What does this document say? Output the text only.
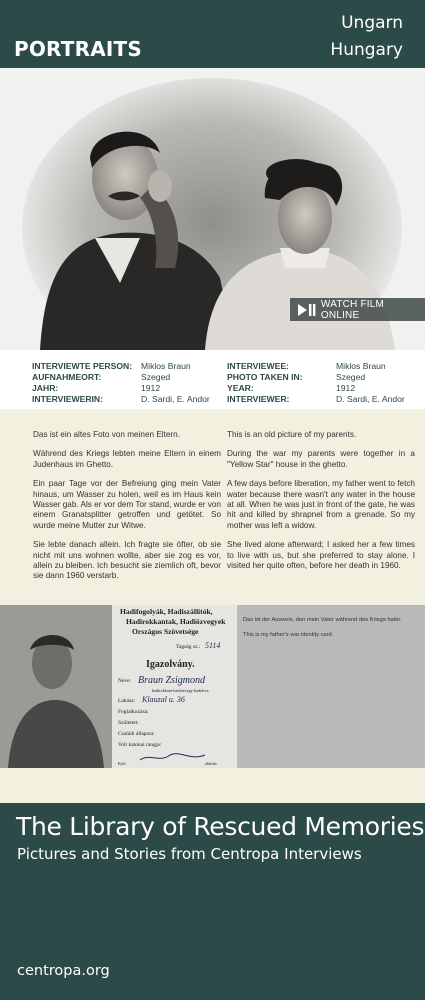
PORTRAITS
Ungarn
Hungary
WATCH FILM ONLINE
INTERVIEWTE PERSON:
AUFNAHMEORT:
JAHR:
INTERVIEWERIN:
Miklos Braun
Szeged
1912
D. Sardi, E. Andor
INTERVIEWEE:
PHOTO TAKEN IN:
YEAR:
INTERVIEWER:
Miklos Braun
Szeged
1912
D. Sardi, E. Andor

Das ist ein altes Foto von meinen Eltern.

Während des Kriegs lebten meine Eltern in einem Judenhaus im Ghetto.

Ein paar Tage vor der Befreiung ging mein Vater hinaus, um Wasser zu holen, weil es im Haus kein Wasser gab. Als er vor dem Tor stand, wurde er von einem Granatsplitter getroffen und getötet. So wurde meine Mutter zur Witwe.

Sie lebte danach allein. Ich fragte sie öfter, ob sie nicht mit uns wohnen wollte, aber sie zog es vor, allein zu bleiben. Ich besucht sie ziemlich oft, bevor sie dann 1960 verstarb.

This is an old picture of my parents.

During the war my parents were together in a "Yellow Star" house in the ghetto.

A few days before liberation, my father went to fetch water because there wasn't any water in the house at all. When he was just in front of the gate, he was hit and killed by shrapnel from a grenade. So my mother was left a widow.

She lived alone afterward; I asked her a few times to live with us, but she preferred to stay alone. I visited her quite often, before her death in 1960.

Hadifogolyák, Hadiszállítók,
Hadirokkantak, Hadiözvegyek
Országos Szövetsége
Tagság sz.: 5114
Igazolvány.
Neve: Braun Zsigmond
hadirokkant-hadiözvegy-hadiárva
Lakása: Klauzal u. 36
Foglalkozása:
Született:
Családi állapota:
Volt katonai rangja:
Kelt	aláírás
Das ist der Ausweis, den mein Vater während des Kriegs hatte.
This is my father's war identity card.
The Library of Rescued Memories
Pictures and Stories from Centropa Interviews
centropa.org
